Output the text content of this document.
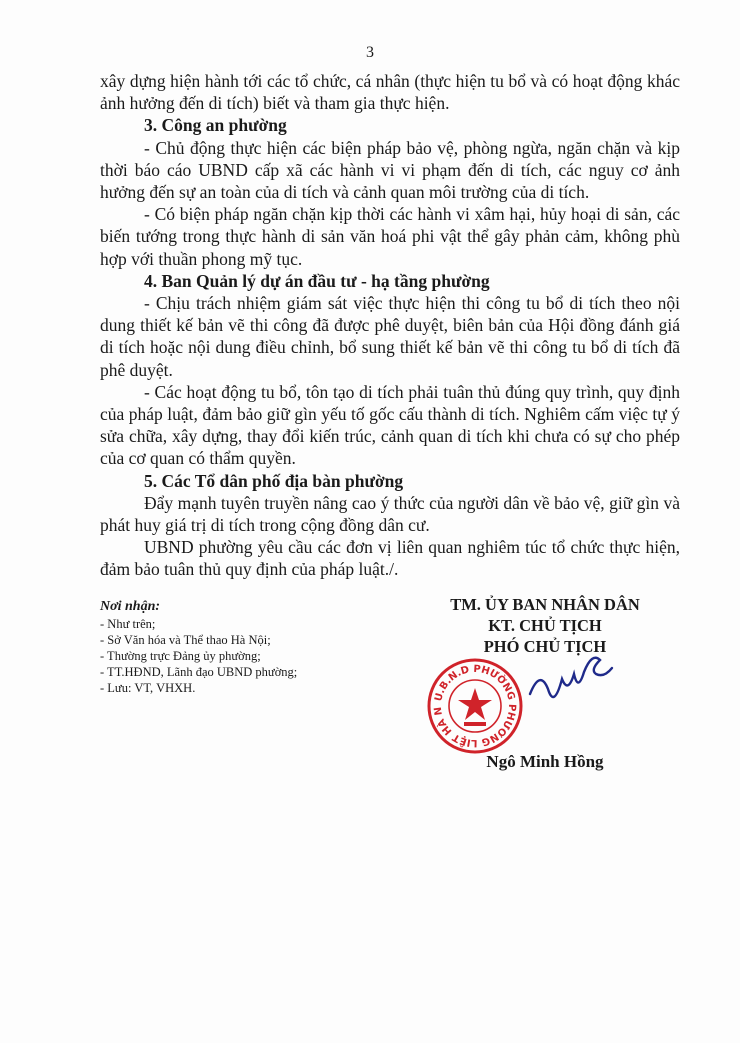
3

xây dựng hiện hành tới các tổ chức, cá nhân (thực hiện tu bổ và có hoạt động khác ảnh hưởng đến di tích) biết và tham gia thực hiện.

3. Công an phường

- Chủ động thực hiện các biện pháp bảo vệ, phòng ngừa, ngăn chặn và kịp thời báo cáo UBND cấp xã các hành vi vi phạm đến di tích, các nguy cơ ảnh hưởng đến sự an toàn của di tích và cảnh quan môi trường của di tích.

- Có biện pháp ngăn chặn kịp thời các hành vi xâm hại, hủy hoại di sản, các biến tướng trong thực hành di sản văn hoá phi vật thể gây phản cảm, không phù hợp với thuần phong mỹ tục.

4. Ban Quản lý dự án đầu tư - hạ tầng phường

- Chịu trách nhiệm giám sát việc thực hiện thi công tu bổ di tích theo nội dung thiết kế bản vẽ thi công đã được phê duyệt, biên bản của Hội đồng đánh giá di tích hoặc nội dung điều chỉnh, bổ sung thiết kế bản vẽ thi công tu bổ di tích đã phê duyệt.

- Các hoạt động tu bổ, tôn tạo di tích phải tuân thủ đúng quy trình, quy định của pháp luật, đảm bảo giữ gìn yếu tố gốc cấu thành di tích. Nghiêm cấm việc tự ý sửa chữa, xây dựng, thay đổi kiến trúc, cảnh quan di tích khi chưa có sự cho phép của cơ quan có thẩm quyền.

5. Các Tổ dân phố địa bàn phường

Đẩy mạnh tuyên truyền nâng cao ý thức của người dân về bảo vệ, giữ gìn và phát huy giá trị di tích trong cộng đồng dân cư.

UBND phường yêu cầu các đơn vị liên quan nghiêm túc tổ chức thực hiện, đảm bảo tuân thủ quy định của pháp luật./.

Nơi nhận:
- Như trên;
- Sở Văn hóa và Thể thao Hà Nội;
- Thường trực Đảng ủy phường;
- TT.HĐND, Lãnh đạo UBND phường;
- Lưu: VT, VHXH.
TM. ỦY BAN NHÂN DÂN
KT. CHỦ TỊCH
PHÓ CHỦ TỊCH
U.B.N.D PHƯỜNG PHƯƠNG LIỆT HÀ N
Ngô Minh Hồng
